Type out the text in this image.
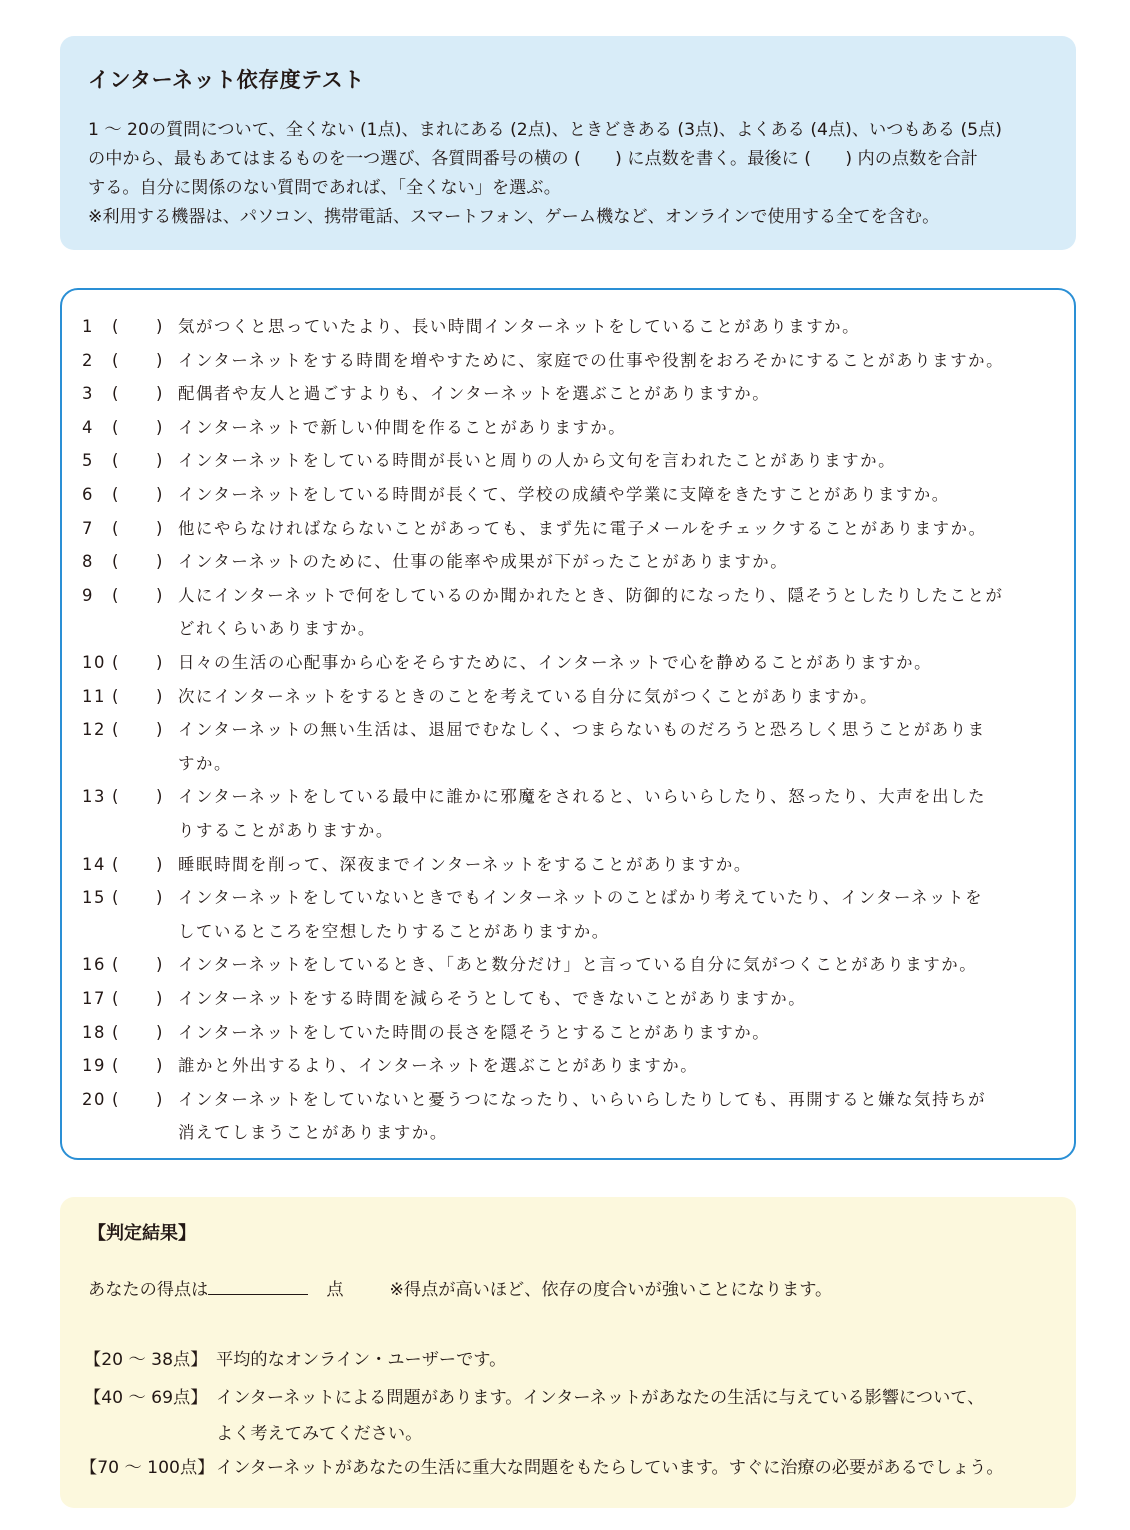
インターネット依存度テスト
1 〜 20の質問について、全くない (1点)、まれにある (2点)、ときどきある (3点)、よくある (4点)、いつもある (5点)
の中から、最もあてはまるものを一つ選び、各質問番号の横の (　　) に点数を書く。最後に (　　) 内の点数を合計
する。自分に関係のない質問であれば、「全くない」を選ぶ。
※利用する機器は、パソコン、携帯電話、スマートフォン、ゲーム機など、オンラインで使用する全てを含む。
1	( ) 気がつくと思っていたより、長い時間インターネットをしていることがありますか。
2	( ) インターネットをする時間を増やすために、家庭での仕事や役割をおろそかにすることがありますか。
3	( ) 配偶者や友人と過ごすよりも、インターネットを選ぶことがありますか。
4	( ) インターネットで新しい仲間を作ることがありますか。
5	( ) インターネットをしている時間が長いと周りの人から文句を言われたことがありますか。
6	( ) インターネットをしている時間が長くて、学校の成績や学業に支障をきたすことがありますか。
7	( ) 他にやらなければならないことがあっても、まず先に電子メールをチェックすることがありますか。
8	( ) インターネットのために、仕事の能率や成果が下がったことがありますか。
9	( ) 人にインターネットで何をしているのか聞かれたとき、防御的になったり、隠そうとしたりしたことが
どれくらいありますか。
10 ( ) 日々の生活の心配事から心をそらすために、インターネットで心を静めることがありますか。
11 ( ) 次にインターネットをするときのことを考えている自分に気がつくことがありますか。
12 ( ) インターネットの無い生活は、退屈でむなしく、つまらないものだろうと恐ろしく思うことがありま
すか。
13 ( ) インターネットをしている最中に誰かに邪魔をされると、いらいらしたり、怒ったり、大声を出した
りすることがありますか。
14 ( ) 睡眠時間を削って、深夜までインターネットをすることがありますか。
15 ( ) インターネットをしていないときでもインターネットのことばかり考えていたり、インターネットを
しているところを空想したりすることがありますか。
16 ( ) インターネットをしているとき、「あと数分だけ」と言っている自分に気がつくことがありますか。
17 ( ) インターネットをする時間を減らそうとしても、できないことがありますか。
18 ( ) インターネットをしていた時間の長さを隠そうとすることがありますか。
19 ( ) 誰かと外出するより、インターネットを選ぶことがありますか。
20 ( ) インターネットをしていないと憂うつになったり、いらいらしたりしても、再開すると嫌な気持ちが
消えてしまうことがありますか。
【判定結果】
あなたの得点は	点	※得点が高いほど、依存の度合いが強いことになります。
【20 〜 38点】 平均的なオンライン・ユーザーです。
【40 〜 69点】 インターネットによる問題があります。インターネットがあなたの生活に与えている影響について、
よく考えてみてください。
【70 〜 100点】 インターネットがあなたの生活に重大な問題をもたらしています。すぐに治療の必要があるでしょう。
